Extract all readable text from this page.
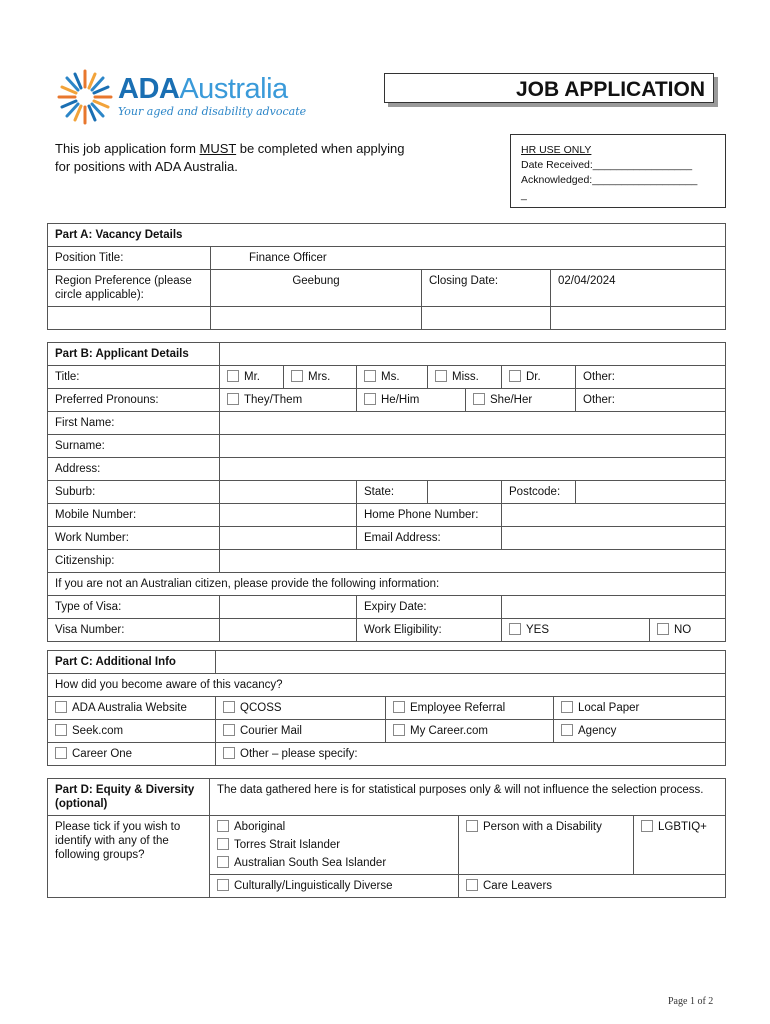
ADAAustralia
Your aged and disability advocate
JOB APPLICATION
This job application form MUST be completed when applying for positions with ADA Australia.
HR USE ONLY
Date Received:_________________
Acknowledged:__________________
_
Part A: Vacancy Details			
Position Title:	Finance Officer		
Region Preference (please circle applicable):	Geebung	Closing Date:	02/04/2024

Part B: Applicant Details								
Title:	Mr.	Mrs.	Ms.	Miss.		Dr.	Other:	
Preferred Pronouns:	They/Them		He/Him		She/Her		Other:	
First Name:								
Surname:								
Address:								
Suburb:			State:			Postcode:		
Mobile Number:			Home Phone Number:					
Work Number:			Email Address:					
Citizenship:								
If you are not an Australian citizen, please provide the following information:								
Type of Visa:			Expiry Date:					
Visa Number:			Work Eligibility:			YES		NO
Part C: Additional Info			
How did you become aware of this vacancy?			
ADA Australia Website	QCOSS	Employee Referral	Local Paper
Seek.com	Courier Mail	My Career.com	Agency
Career One	Other – please specify:		
Part D: Equity & Diversity (optional)	The data gathered here is for statistical purposes only & will not influence the selection process.		
Please tick if you wish to identify with any of the following groups?	Aboriginal
Torres Strait Islander
Australian South Sea Islander	Person with a Disability	LGBTIQ+
	Culturally/Linguistically Diverse	Care Leavers	
Page 1 of 2
